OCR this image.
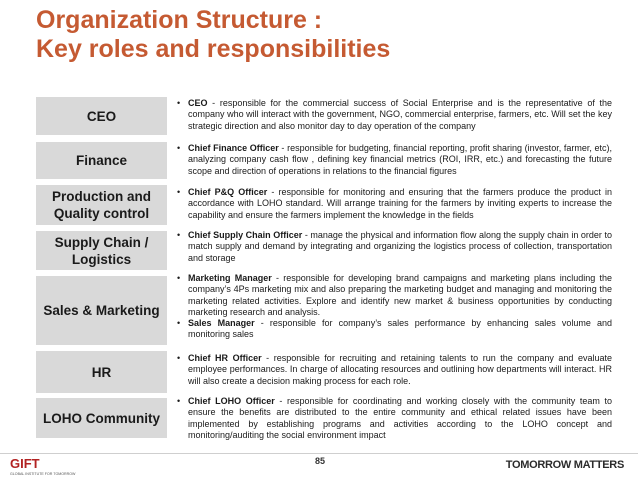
Organization Structure :
Key roles and responsibilities
CEO
• CEO - responsible for the commercial success of Social Enterprise and is the representative of the company who will interact with the government, NGO, commercial enterprise, farmers, etc. Will set the key strategic direction and also monitor day to day operation of the company
Finance
• Chief Finance Officer - responsible for budgeting, financial reporting, profit sharing (investor, farmer, etc), analyzing company cash flow , defining key financial metrics (ROI, IRR, etc.) and forecasting the future scope and direction of operations in relations to the financial figures
Production and Quality control
• Chief P&Q Officer - responsible for monitoring and ensuring that the farmers produce the product in accordance with LOHO standard. Will arrange training for the farmers by inviting experts to increase the capability and ensure the farmers implement the knowledge in the fields
Supply Chain / Logistics
• Chief Supply Chain Officer - manage the physical and information flow along the supply chain in order to match supply and demand by integrating and organizing the logistics process of collection, transportation and storage
Sales & Marketing
• Marketing Manager - responsible for developing brand campaigns and marketing plans including the company’s 4Ps marketing mix and also preparing the marketing budget and managing and monitoring the marketing related activities. Explore and identify new market & business opportunities by conducting marketing research and analysis.
• Sales Manager - responsible for company’s sales performance by enhancing sales volume and monitoring sales
HR
• Chief HR Officer - responsible for recruiting and retaining talents to run the company and evaluate employee performances. In charge of allocating resources and outlining how departments will interact. HR will also create a decision making process for each role.
LOHO Community
• Chief LOHO Officer - responsible for coordinating and working closely with the community team to ensure the benefits are distributed to the entire community and ethical related issues have been implemented by establishing programs and activities according to the LOHO concept and monitoring/auditing the social environment impact
GIFT
GLOBAL INSTITUTE FOR TOMORROW
85	TOMORROW MATTERS
